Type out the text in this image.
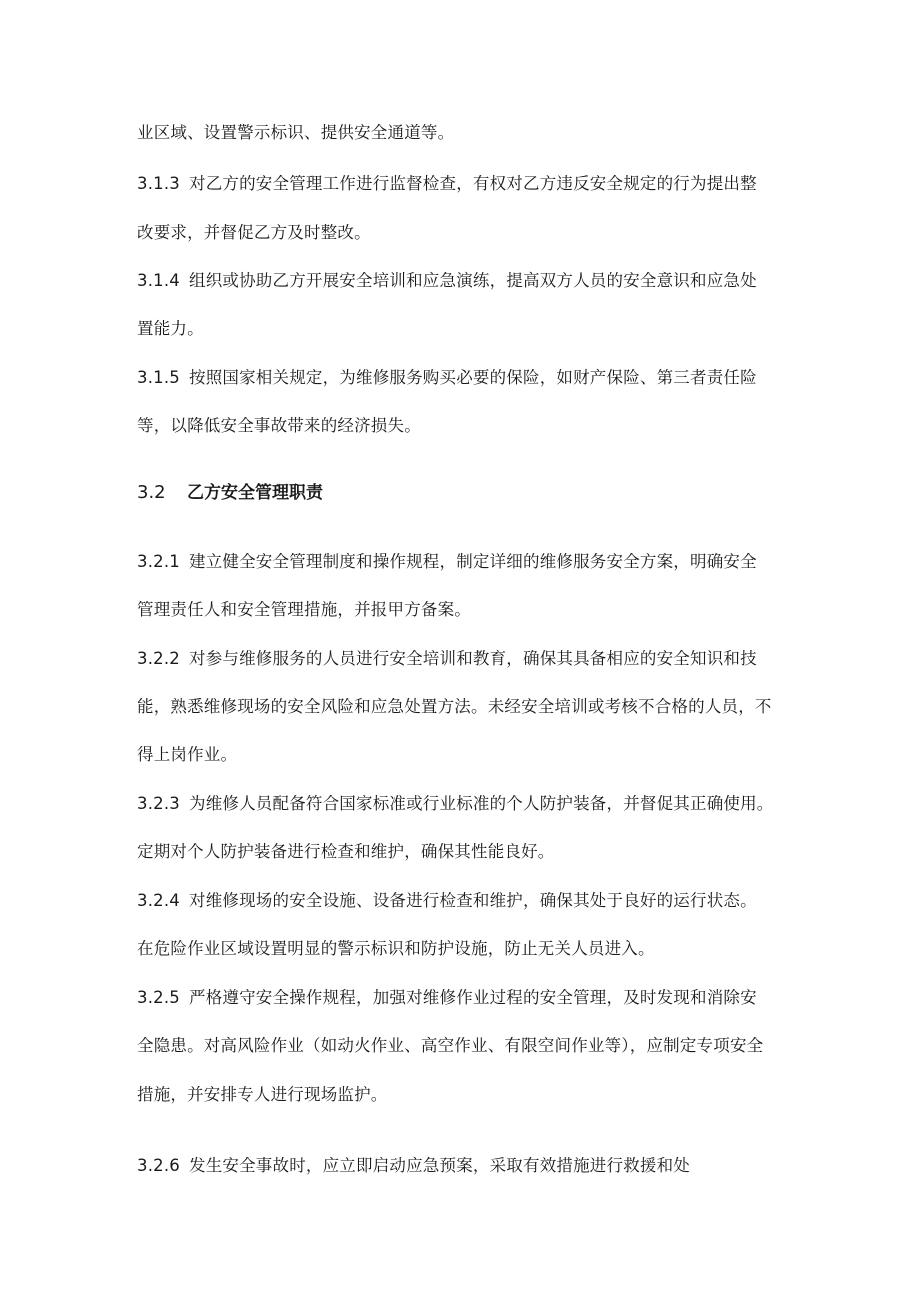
业区域、设置警示标识、提供安全通道等。
3.1.3 对乙方的安全管理工作进行监督检查，有权对乙方违反安全规定的行为提出整
改要求，并督促乙方及时整改。
3.1.4 组织或协助乙方开展安全培训和应急演练，提高双方人员的安全意识和应急处
置能力。
3.1.5 按照国家相关规定，为维修服务购买必要的保险，如财产保险、第三者责任险
等，以降低安全事故带来的经济损失。
3.2 乙方安全管理职责
3.2.1 建立健全安全管理制度和操作规程，制定详细的维修服务安全方案，明确安全
管理责任人和安全管理措施，并报甲方备案。
3.2.2 对参与维修服务的人员进行安全培训和教育，确保其具备相应的安全知识和技
能，熟悉维修现场的安全风险和应急处置方法。未经安全培训或考核不合格的人员，不
得上岗作业。
3.2.3 为维修人员配备符合国家标准或行业标准的个人防护装备，并督促其正确使用。
定期对个人防护装备进行检查和维护，确保其性能良好。
3.2.4 对维修现场的安全设施、设备进行检查和维护，确保其处于良好的运行状态。
在危险作业区域设置明显的警示标识和防护设施，防止无关人员进入。
3.2.5 严格遵守安全操作规程，加强对维修作业过程的安全管理，及时发现和消除安
全隐患。对高风险作业（如动火作业、高空作业、有限空间作业等），应制定专项安全
措施，并安排专人进行现场监护。
3.2.6 发生安全事故时，应立即启动应急预案，采取有效措施进行救援和处
